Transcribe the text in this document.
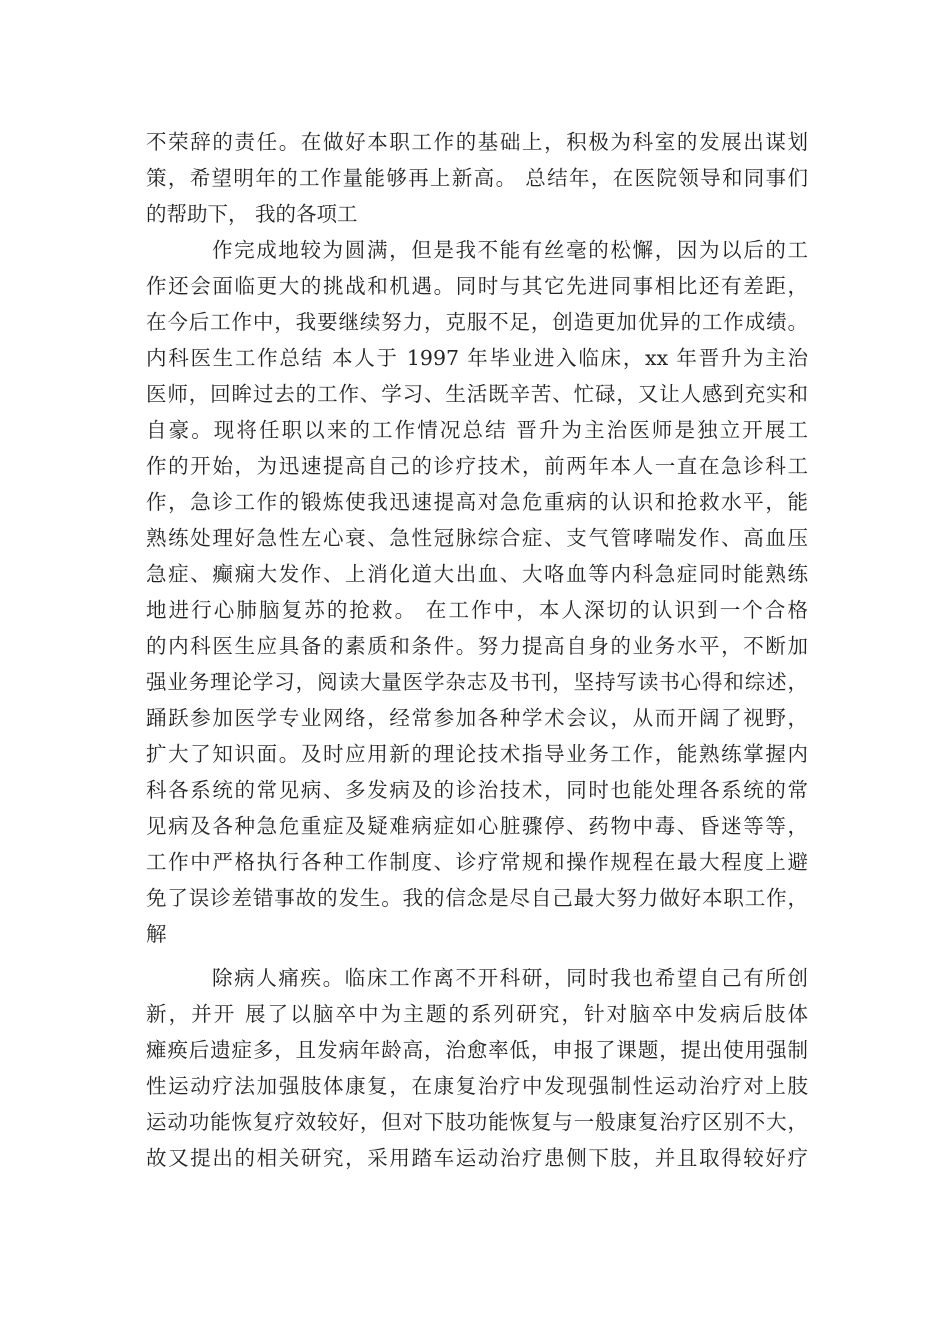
不荣辞的责任。在做好本职工作的基础上，积极为科室的发展出谋划
策，希望明年的工作量能够再上新高。 总结年，在医院领导和同事们
的帮助下， 我的各项工
作完成地较为圆满，但是我不能有丝毫的松懈，因为以后的工
作还会面临更大的挑战和机遇。同时与其它先进同事相比还有差距，
在今后工作中，我要继续努力，克服不足，创造更加优异的工作成绩。
内科医生工作总结 本人于 1997 年毕业进入临床，xx 年晋升为主治
医师，回眸过去的工作、学习、生活既辛苦、忙碌，又让人感到充实和
自豪。现将任职以来的工作情况总结 晋升为主治医师是独立开展工
作的开始，为迅速提高自己的诊疗技术，前两年本人一直在急诊科工
作，急诊工作的锻炼使我迅速提高对急危重病的认识和抢救水平，能
熟练处理好急性左心衰、急性冠脉综合症、支气管哮喘发作、高血压
急症、癫痫大发作、上消化道大出血、大咯血等内科急症同时能熟练
地进行心肺脑复苏的抢救。 在工作中，本人深切的认识到一个合格
的内科医生应具备的素质和条件。努力提高自身的业务水平，不断加
强业务理论学习，阅读大量医学杂志及书刊，坚持写读书心得和综述，
踊跃参加医学专业网络，经常参加各种学术会议，从而开阔了视野，
扩大了知识面。及时应用新的理论技术指导业务工作，能熟练掌握内
科各系统的常见病、多发病及的诊治技术，同时也能处理各系统的常
见病及各种急危重症及疑难病症如心脏骤停、药物中毒、昏迷等等，
工作中严格执行各种工作制度、诊疗常规和操作规程在最大程度上避
免了误诊差错事故的发生。我的信念是尽自己最大努力做好本职工作，
解
除病人痛疾。临床工作离不开科研，同时我也希望自己有所创
新，并开 展了以脑卒中为主题的系列研究，针对脑卒中发病后肢体
瘫痪后遗症多，且发病年龄高，治愈率低，申报了课题，提出使用强制
性运动疗法加强肢体康复，在康复治疗中发现强制性运动治疗对上肢
运动功能恢复疗效较好，但对下肢功能恢复与一般康复治疗区别不大，
故又提出的相关研究，采用踏车运动治疗患侧下肢，并且取得较好疗
